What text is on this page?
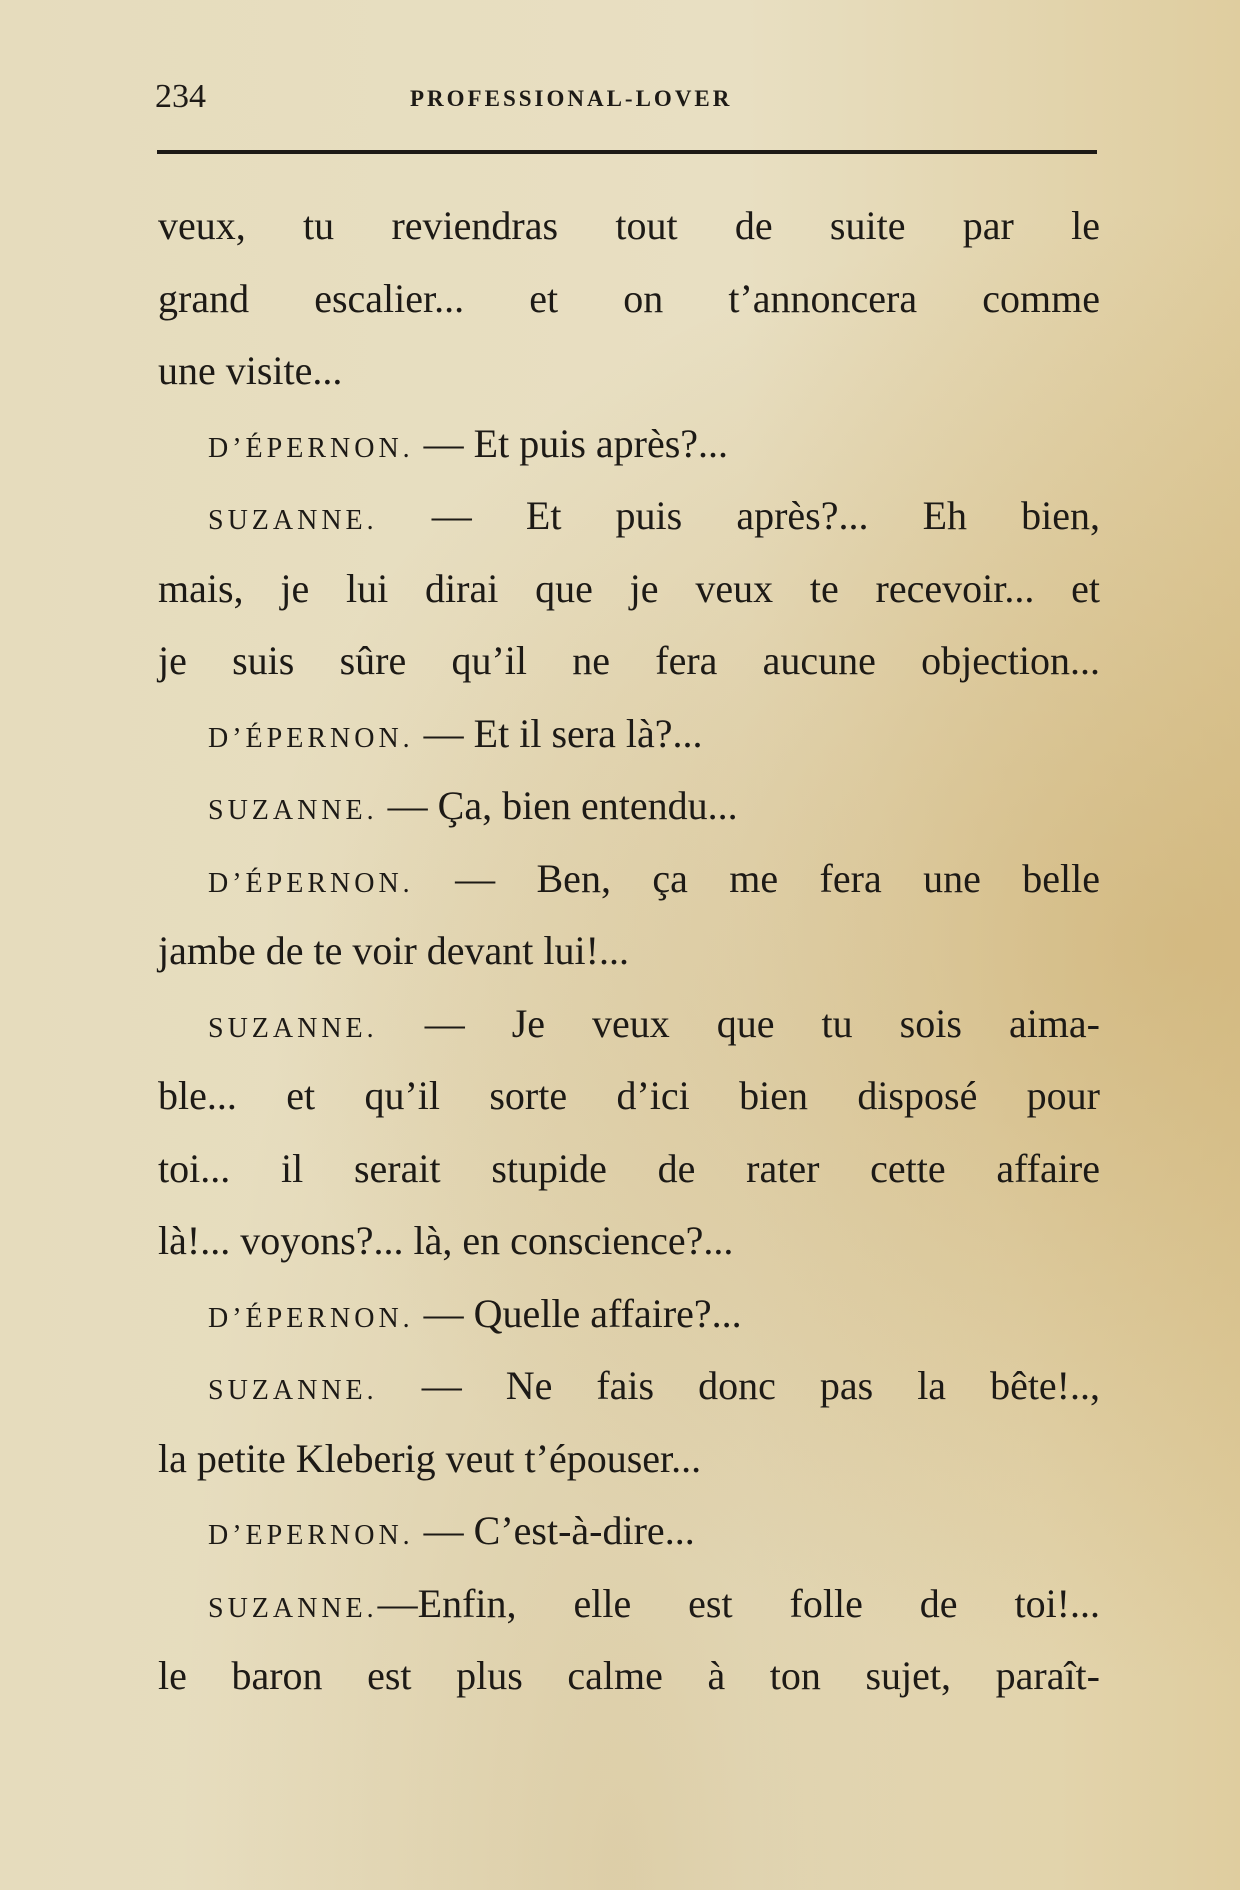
234	PROFESSIONAL-LOVER
veux, tu reviendras tout de suite par le
grand escalier... et on t’annoncera comme
une visite...
D’ÉPERNON. — Et puis après?...
SUZANNE. — Et puis après?... Eh bien,
mais, je lui dirai que je veux te recevoir... et
je suis sûre qu’il ne fera aucune objection...
D’ÉPERNON. — Et il sera là?...
SUZANNE. — Ça, bien entendu...
D’ÉPERNON. — Ben, ça me fera une belle
jambe de te voir devant lui!...
SUZANNE. — Je veux que tu sois aima-
ble... et qu’il sorte d’ici bien disposé pour
toi... il serait stupide de rater cette affaire
là!... voyons?... là, en conscience?...
D’ÉPERNON. — Quelle affaire?...
SUZANNE. — Ne fais donc pas la bête!..,
la petite Kleberig veut t’épouser...
D’EPERNON. — C’est-à-dire...
SUZANNE.—Enfin, elle est folle de toi!...
le baron est plus calme à ton sujet, paraît-
